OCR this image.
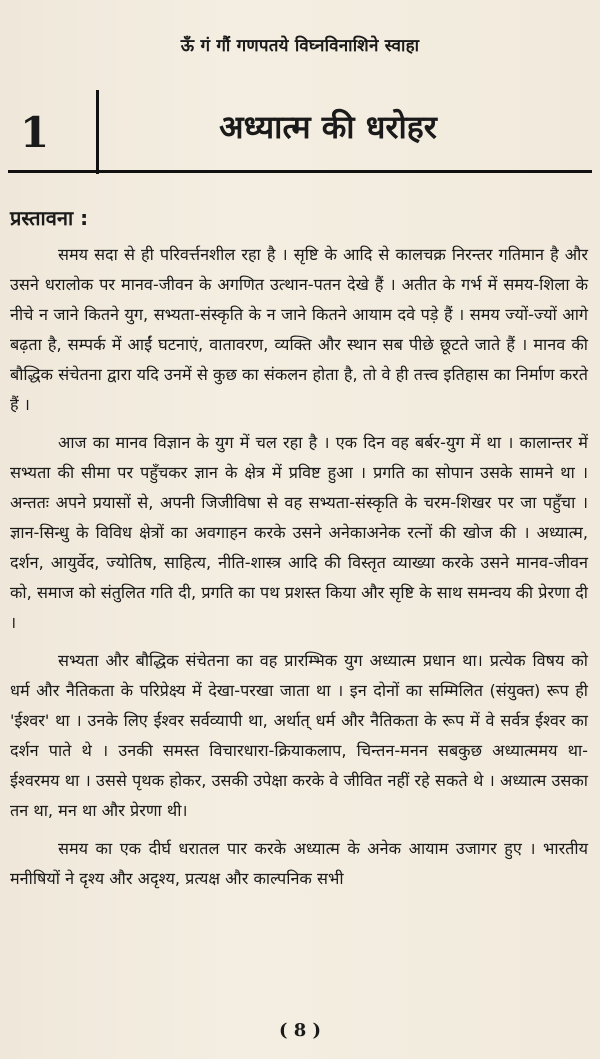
ऊँ गं गौं गणपतये विघ्नविनाशिने स्वाहा
1	अध्यात्म की धरोहर
प्रस्तावना :

समय सदा से ही परिवर्त्तनशील रहा है । सृष्टि के आदि से कालचक्र निरन्तर गतिमान है और उसने धरालोक पर मानव-जीवन के अगणित उत्थान-पतन देखे हैं । अतीत के गर्भ में समय-शिला के नीचे न जाने कितने युग, सभ्यता-संस्कृति के न जाने कितने आयाम दवे पड़े हैं । समय ज्यों-ज्यों आगे बढ़ता है, सम्पर्क में आईं घटनाएं, वातावरण, व्यक्ति और स्थान सब पीछे छूटते जाते हैं । मानव की बौद्धिक संचेतना द्वारा यदि उनमें से कुछ का संकलन होता है, तो वे ही तत्त्व इतिहास का निर्माण करते हैं ।

आज का मानव विज्ञान के युग में चल रहा है । एक दिन वह बर्बर-युग में था । कालान्तर में सभ्यता की सीमा पर पहुँचकर ज्ञान के क्षेत्र में प्रविष्ट हुआ । प्रगति का सोपान उसके सामने था । अन्ततः अपने प्रयासों से, अपनी जिजीविषा से वह सभ्यता-संस्कृति के चरम-शिखर पर जा पहुँचा । ज्ञान-सिन्धु के विविध क्षेत्रों का अवगाहन करके उसने अनेकाअनेक रत्नों की खोज की । अध्यात्म, दर्शन, आयुर्वेद, ज्योतिष, साहित्य, नीति-शास्त्र आदि की विस्तृत व्याख्या करके उसने मानव-जीवन को, समाज को संतुलित गति दी, प्रगति का पथ प्रशस्त किया और सृष्टि के साथ समन्वय की प्रेरणा दी ।

सभ्यता और बौद्धिक संचेतना का वह प्रारम्भिक युग अध्यात्म प्रधान था। प्रत्येक विषय को धर्म और नैतिकता के परिप्रेक्ष्य में देखा-परखा जाता था । इन दोनों का सम्मिलित (संयुक्त) रूप ही 'ईश्वर' था । उनके लिए ईश्वर सर्वव्यापी था, अर्थात् धर्म और नैतिकता के रूप में वे सर्वत्र ईश्वर का दर्शन पाते थे । उनकी समस्त विचारधारा-क्रियाकलाप, चिन्तन-मनन सबकुछ अध्यात्ममय था- ईश्वरमय था । उससे पृथक होकर, उसकी उपेक्षा करके वे जीवित नहीं रहे सकते थे । अध्यात्म उसका तन था, मन था और प्रेरणा थी।

समय का एक दीर्घ धरातल पार करके अध्यात्म के अनेक आयाम उजागर हुए । भारतीय मनीषियों ने दृश्य और अदृश्य, प्रत्यक्ष और काल्पनिक सभी

( 8 )
